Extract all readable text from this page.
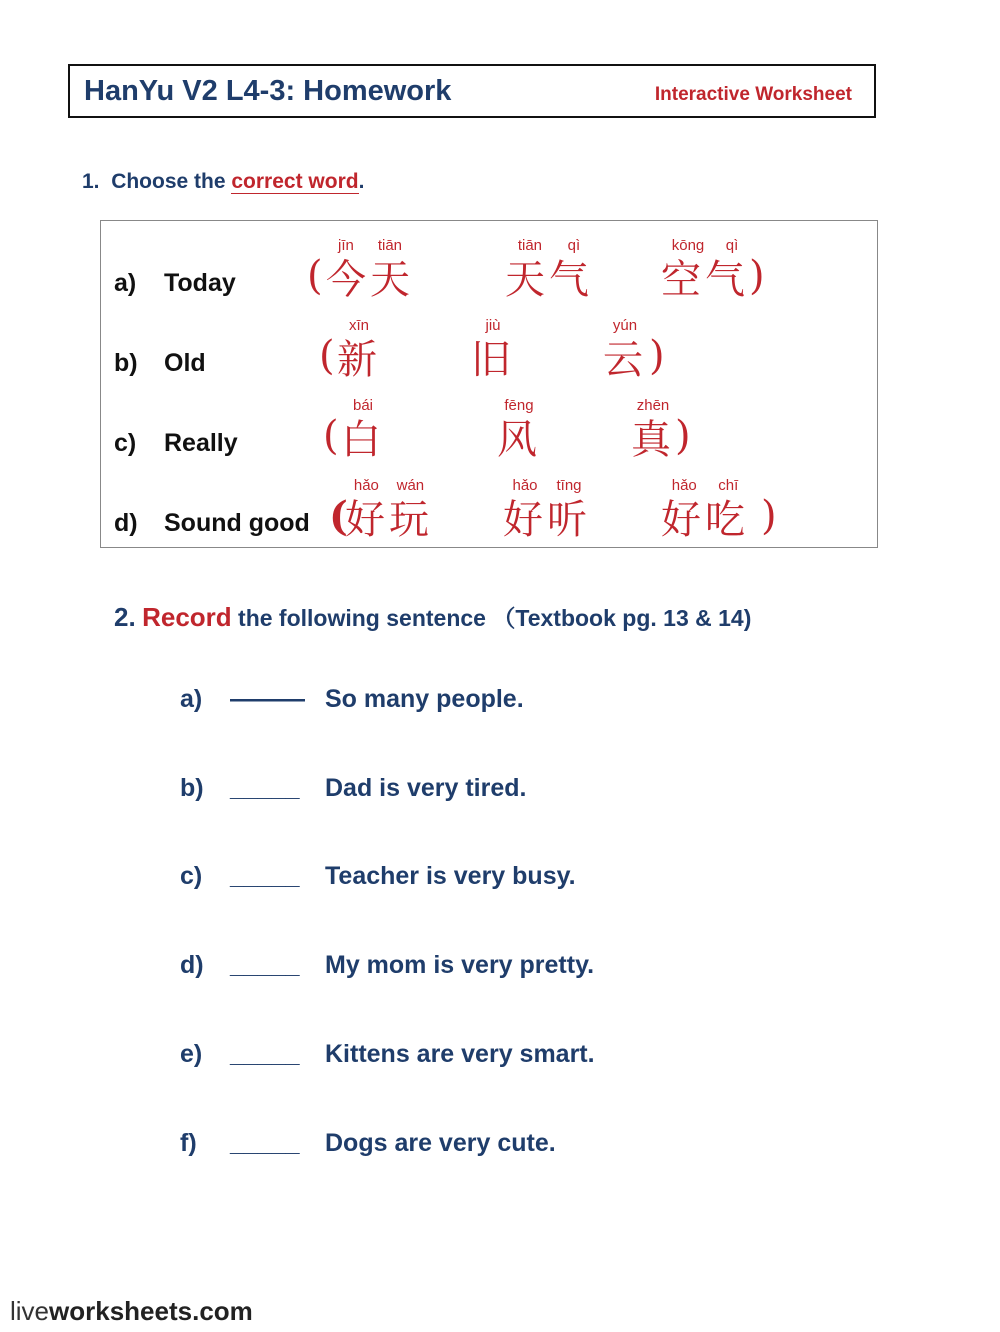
HanYu V2 L4-3: Homework	Interactive Worksheet
1. Choose the correct word.
a) Today (
jīn tiān
今天
tiān qì
天气
kōng qì
空气 )
b) Old	(
xīn
新
jiù
旧
yún
云 )
c) Really (
bái
白
fēng
风
zhēn
真 )
d) Sound good (
hǎo wán
好玩
hǎo tīng
好听
hǎo chī
好吃 )
2. Record the following sentence （Textbook pg. 13 & 14)
a) ——— So many people.
b) _____ Dad is very tired.
c) _____ Teacher is very busy.
d) _____ My mom is very pretty.
e) _____ Kittens are very smart.
f) _____ Dogs are very cute.
liveworksheets.com
